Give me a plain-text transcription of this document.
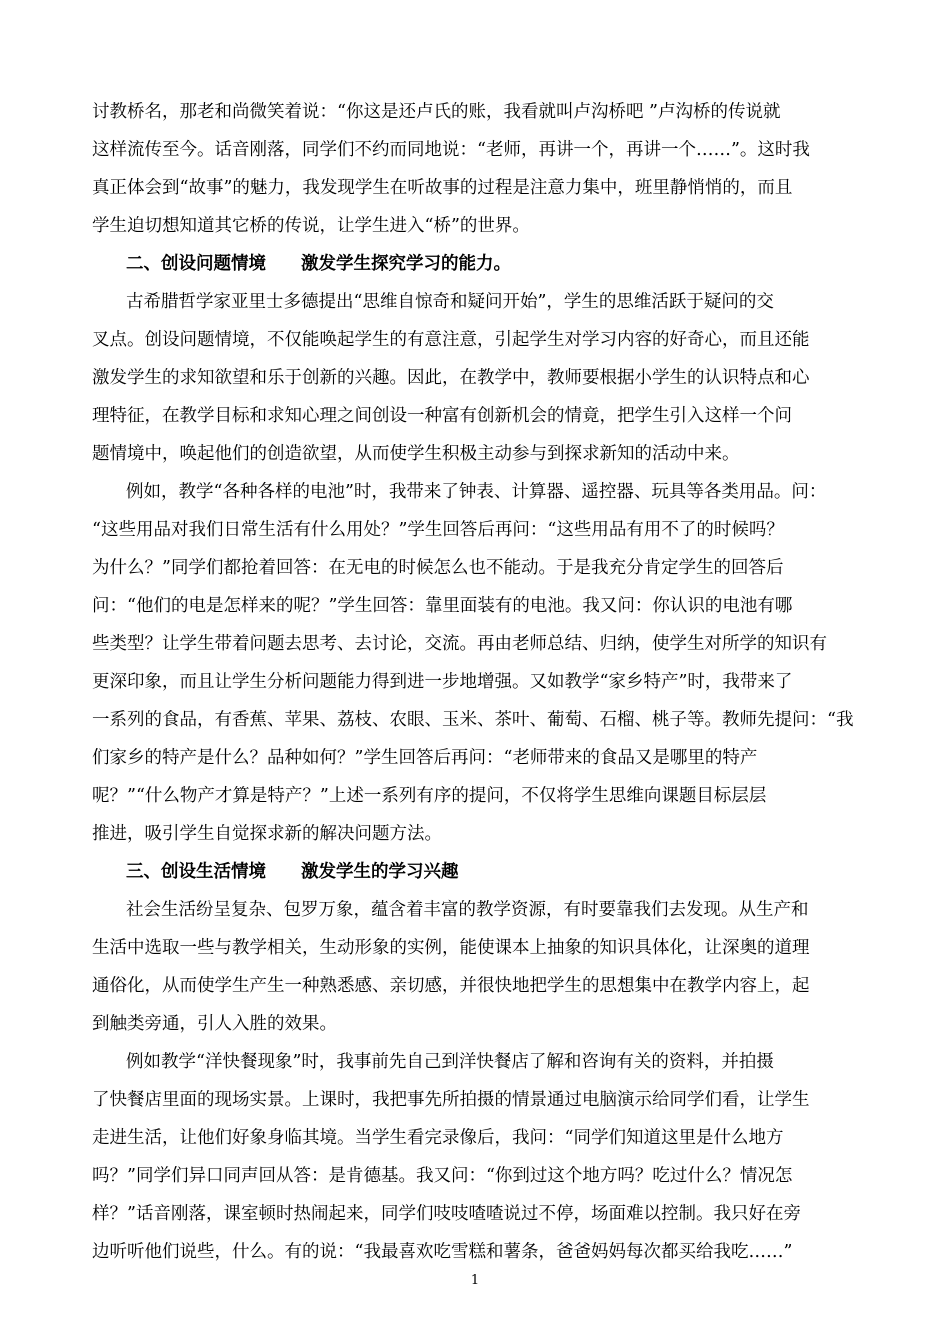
讨教桥名，那老和尚微笑着说：“你这是还卢氏的账，我看就叫卢沟桥吧 ”卢沟桥的传说就
这样流传至今。话音刚落，同学们不约而同地说：“老师，再讲一个，再讲一个……”。这时我
真正体会到“故事”的魅力，我发现学生在听故事的过程是注意力集中，班里静悄悄的，而且
学生迫切想知道其它桥的传说，让学生进入“桥”的世界。
二、创设问题情境　　激发学生探究学习的能力。
古希腊哲学家亚里士多德提出“思维自惊奇和疑问开始”，学生的思维活跃于疑问的交
叉点。创设问题情境，不仅能唤起学生的有意注意，引起学生对学习内容的好奇心，而且还能
激发学生的求知欲望和乐于创新的兴趣。因此，在教学中，教师要根据小学生的认识特点和心
理特征，在教学目标和求知心理之间创设一种富有创新机会的情竟，把学生引入这样一个问
题情境中，唤起他们的创造欲望，从而使学生积极主动参与到探求新知的活动中来。
例如，教学“各种各样的电池”时，我带来了钟表、计算器、遥控器、玩具等各类用品。问：
“这些用品对我们日常生活有什么用处？”学生回答后再问：“这些用品有用不了的时候吗？
为什么？”同学们都抢着回答：在无电的时候怎么也不能动。于是我充分肯定学生的回答后
问：“他们的电是怎样来的呢？”学生回答：靠里面装有的电池。我又问：你认识的电池有哪
些类型？让学生带着问题去思考、去讨论，交流。再由老师总结、归纳，使学生对所学的知识有
更深印象，而且让学生分析问题能力得到进一步地增强。又如教学“家乡特产”时，我带来了
一系列的食品，有香蕉、苹果、荔枝、农眼、玉米、茶叶、葡萄、石榴、桃子等。教师先提问：“我
们家乡的特产是什么？品种如何？”学生回答后再问：“老师带来的食品又是哪里的特产
呢？”“什么物产才算是特产？”上述一系列有序的提问，不仅将学生思维向课题目标层层
推进，吸引学生自觉探求新的解决问题方法。
三、创设生活情境　　激发学生的学习兴趣
社会生活纷呈复杂、包罗万象，蕴含着丰富的教学资源，有时要靠我们去发现。从生产和
生活中选取一些与教学相关，生动形象的实例，能使课本上抽象的知识具体化，让深奥的道理
通俗化，从而使学生产生一种熟悉感、亲切感，并很快地把学生的思想集中在教学内容上，起
到触类旁通，引人入胜的效果。
例如教学“洋快餐现象”时，我事前先自己到洋快餐店了解和咨询有关的资料，并拍摄
了快餐店里面的现场实景。上课时，我把事先所拍摄的情景通过电脑演示给同学们看，让学生
走进生活，让他们好象身临其境。当学生看完录像后，我问：“同学们知道这里是什么地方
吗？”同学们异口同声回从答：是肯德基。我又问：“你到过这个地方吗？吃过什么？情况怎
样？”话音刚落，课室顿时热闹起来，同学们吱吱喳喳说过不停，场面难以控制。我只好在旁
边听听他们说些，什么。有的说：“我最喜欢吃雪糕和薯条，爸爸妈妈每次都买给我吃……”
1
